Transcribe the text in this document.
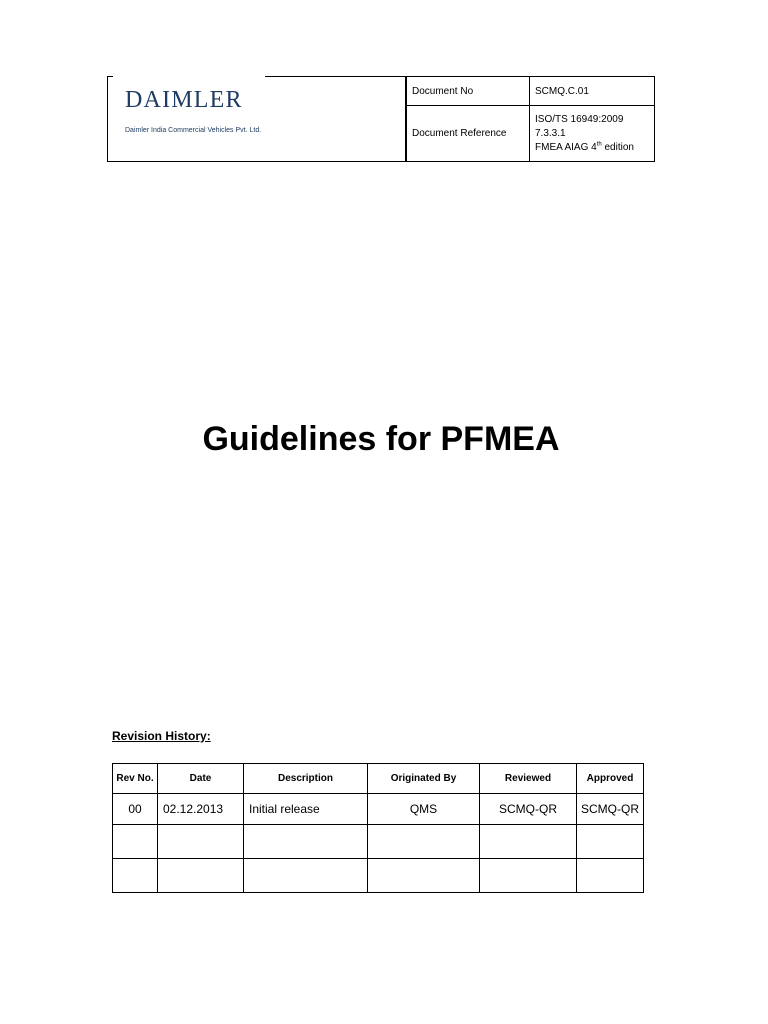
DAIMLER
Daimler India Commercial Vehicles Pvt. Ltd.
Document No	SCMQ.C.01
Document Reference	ISO/TS 16949:2009
7.3.3.1
FMEA AIAG 4th edition
Guidelines for PFMEA
Revision History:
Rev No.	Date	Description	Originated By	Reviewed	Approved
00	02.12.2013	Initial release	QMS	SCMQ-QR	SCMQ-QR
